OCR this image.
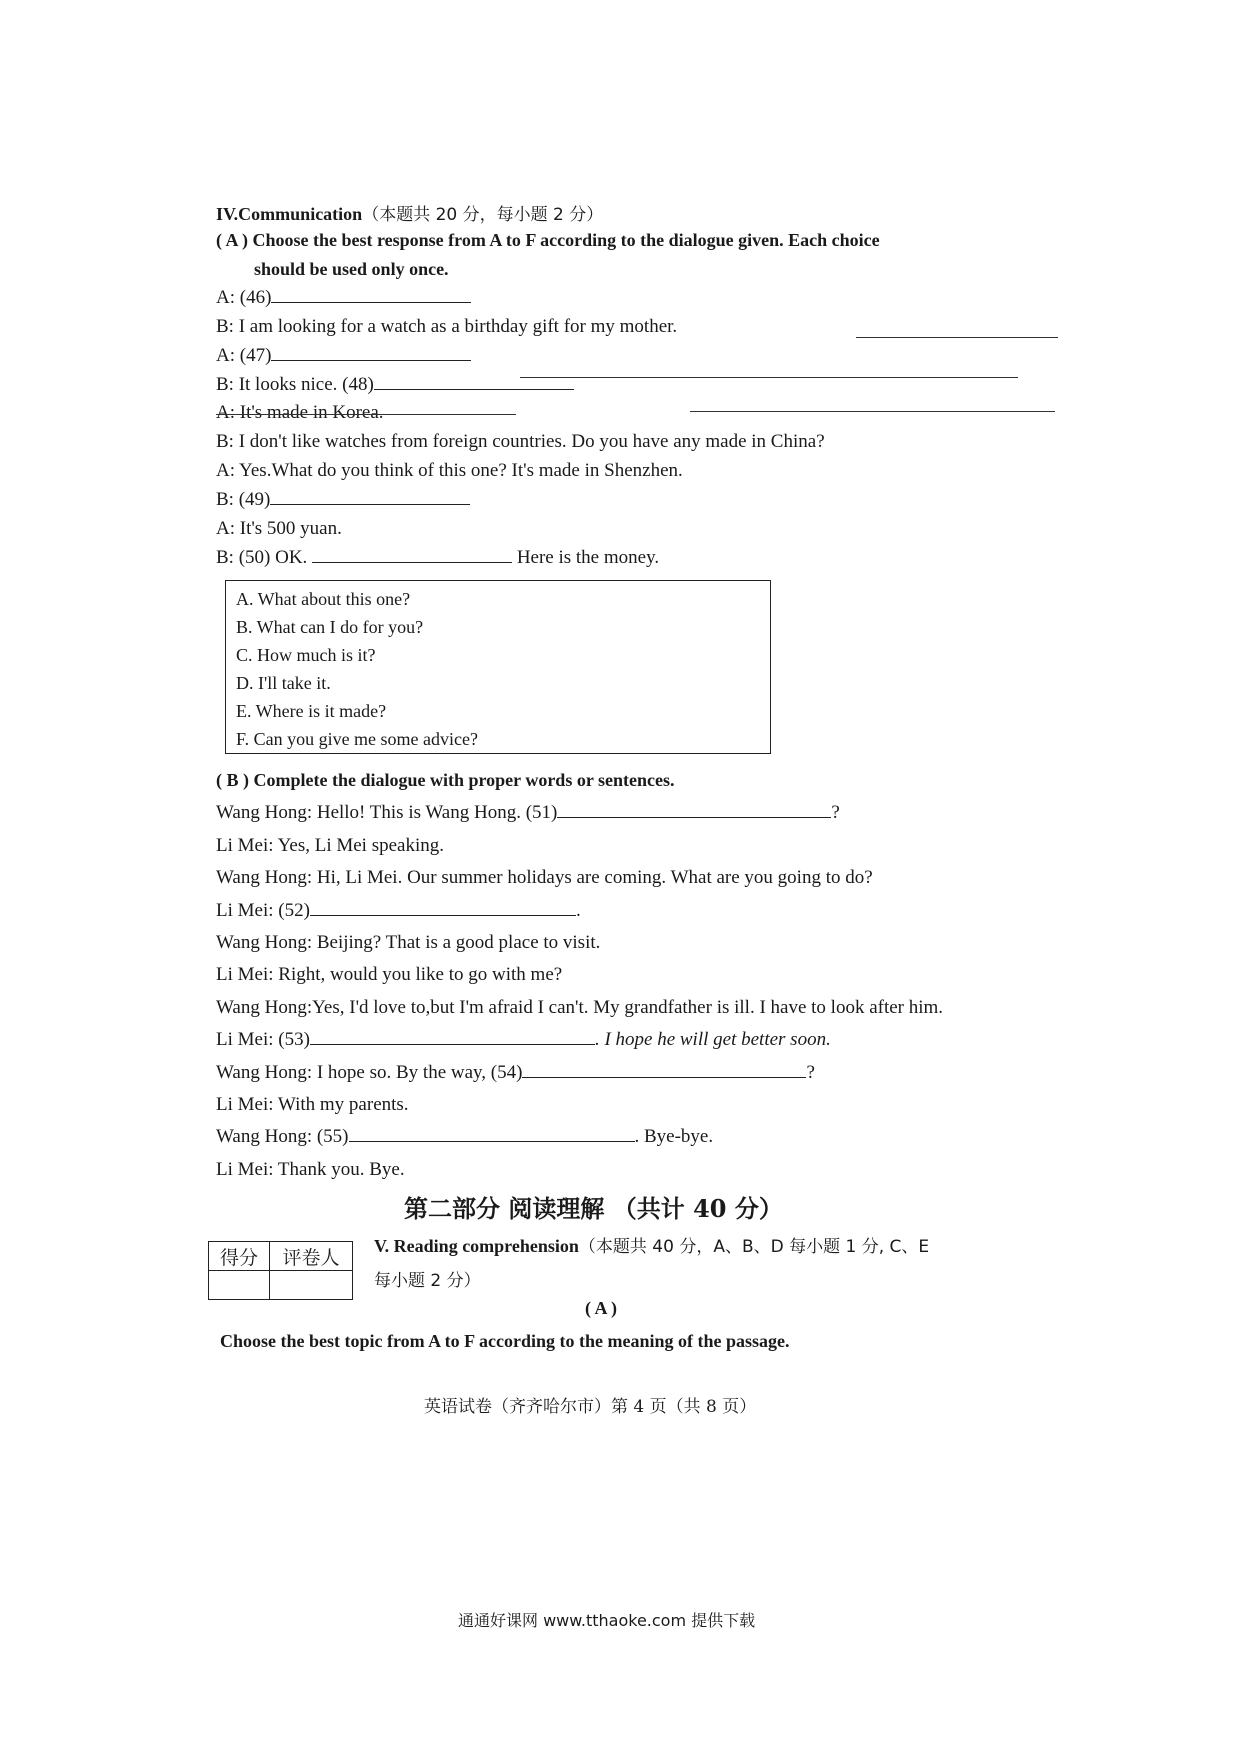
IV.Communication（本题共 20 分，每小题 2 分）
( A ) Choose the best response from A to F according to the dialogue given. Each choice
should be used only once.
A: (46)
B: I am looking for a watch as a birthday gift for my mother.
A: (47)
B: It looks nice. (48)
A: It's made in Korea.
B: I don't like watches from foreign countries. Do you have any made in China?
A: Yes.What do you think of this one? It's made in Shenzhen.
B: (49)
A: It's 500 yuan.
B: (50) OK.	Here is the money.
A. What about this one?
B. What can I do for you?
C. How much is it?
D. I'll take it.
E. Where is it made?
F. Can you give me some advice?
( B ) Complete the dialogue with proper words or sentences.
Wang Hong: Hello! This is Wang Hong. (51)	?
Li Mei: Yes, Li Mei speaking.
Wang Hong: Hi, Li Mei. Our summer holidays are coming. What are you going to do?
Li Mei: (52)	.
Wang Hong: Beijing? That is a good place to visit.
Li Mei: Right, would you like to go with me?
Wang Hong:Yes, I'd love to,but I'm afraid I can't. My grandfather is ill. I have to look after him.
Li Mei: (53)	. I hope he will get better soon.
Wang Hong: I hope so. By the way, (54)	?
Li Mei: With my parents.
Wang Hong: (55)	. Bye-bye.
Li Mei: Thank you. Bye.
第二部分 阅读理解 （共计 40 分）
得分	评卷人

V. Reading comprehension（本题共 40 分，A、B、D 每小题 1 分, C、E
每小题 2 分）
( A )
Choose the best topic from A to F according to the meaning of the passage.
英语试卷（齐齐哈尔市）第 4 页（共 8 页）
通通好课网 www.tthaoke.com 提供下载
